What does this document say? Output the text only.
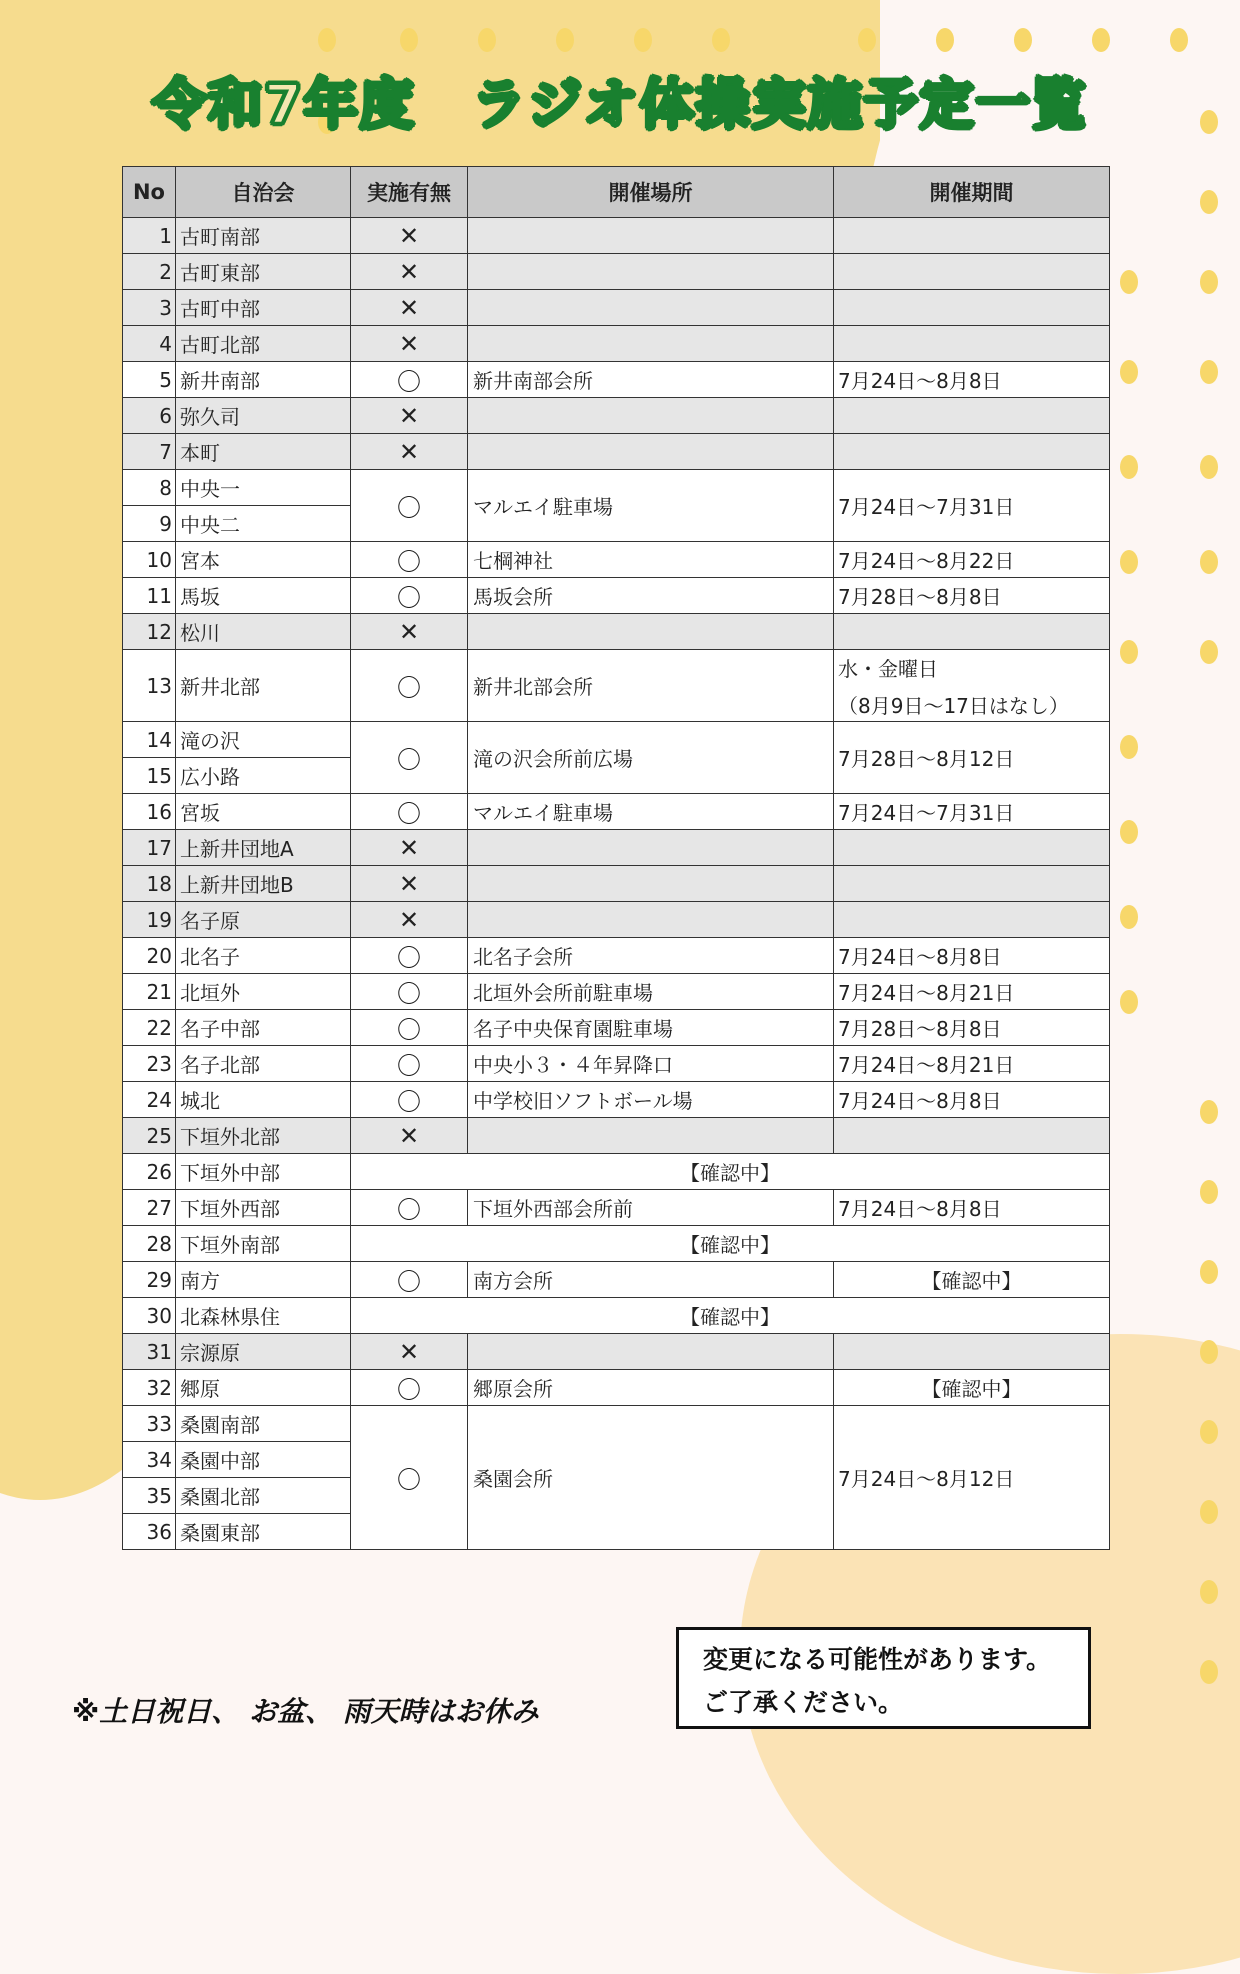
令和7年度　ラジオ体操実施予定一覧
No	自治会	実施有無	開催場所	開催期間
1	古町南部	✕		
2	古町東部	✕		
3	古町中部	✕		
4	古町北部	✕		
5	新井南部	〇	新井南部会所	7月24日～8月8日
6	弥久司	✕		
7	本町	✕		
8	中央一	〇	マルエイ駐車場	7月24日～7月31日
9	中央二			
10	宮本	〇	七棡神社	7月24日～8月22日
11	馬坂	〇	馬坂会所	7月28日～8月8日
12	松川	✕		
13	新井北部	〇	新井北部会所	水・金曜日
（8月9日～17日はなし）

14	滝の沢	〇	滝の沢会所前広場	7月28日～8月12日
15	広小路			
16	宮坂	〇	マルエイ駐車場	7月24日～7月31日
17	上新井団地A	✕		
18	上新井団地B	✕		
19	名子原	✕		
20	北名子	〇	北名子会所	7月24日～8月8日
21	北垣外	〇	北垣外会所前駐車場	7月24日～8月21日
22	名子中部	〇	名子中央保育園駐車場	7月28日～8月8日
23	名子北部	〇	中央小３・４年昇降口	7月24日～8月21日
24	城北	〇	中学校旧ソフトボール場	7月24日～8月8日
25	下垣外北部	✕		
26	下垣外中部	【確認中】		
27	下垣外西部	〇	下垣外西部会所前	7月24日～8月8日
28	下垣外南部	【確認中】		
29	南方	〇	南方会所	【確認中】
30	北森林県住	【確認中】		
31	宗源原	✕		
32	郷原	〇	郷原会所	【確認中】
33	桑園南部	〇	桑園会所	7月24日～8月12日
34	桑園中部			
35	桑園北部			
36	桑園東部			
※土日祝日、 お盆、 雨天時はお休み
変更になる可能性があります。
ご了承ください。
